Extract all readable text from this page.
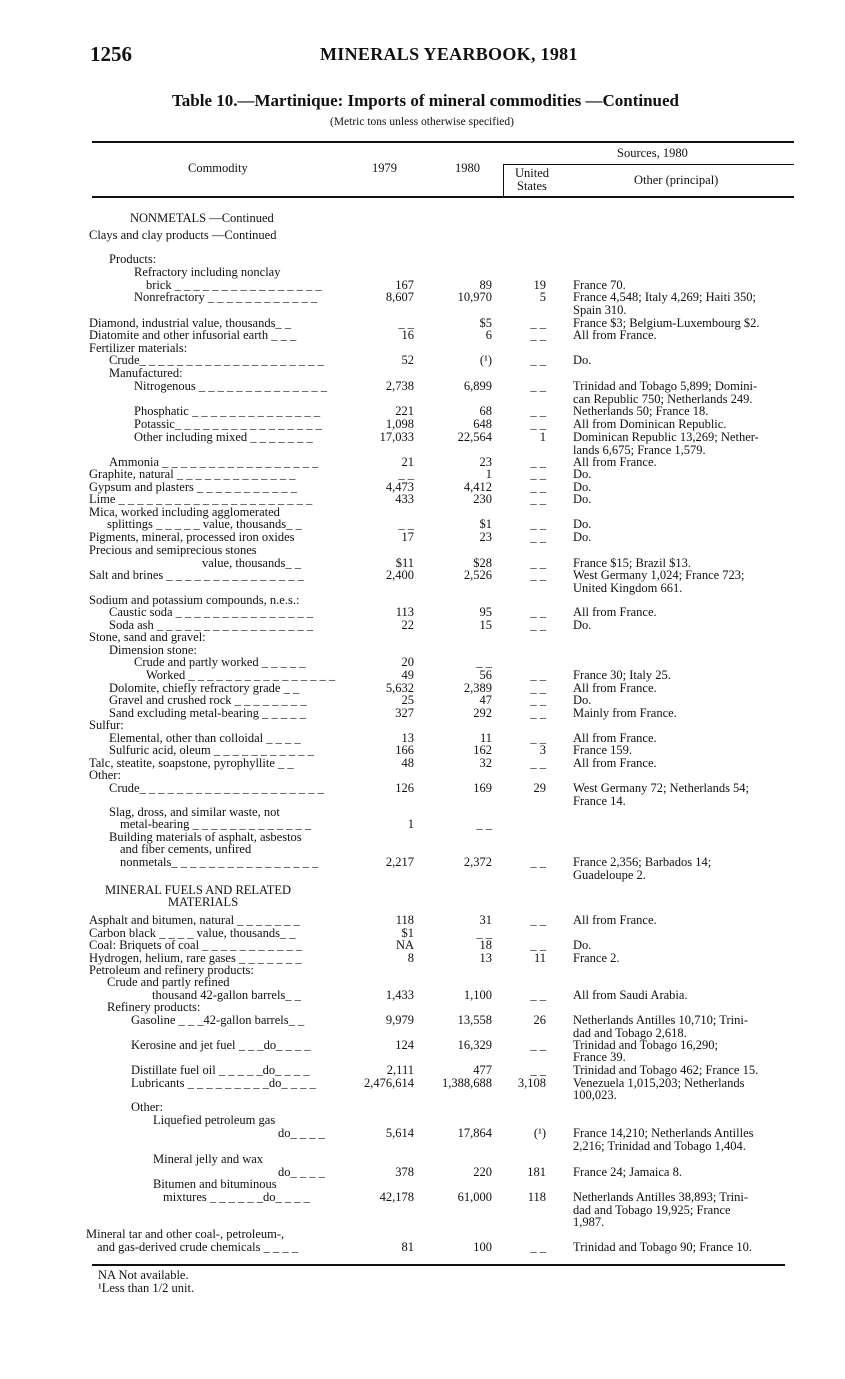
1256	MINERALS YEARBOOK, 1981
Table 10.—Martinique: Imports of mineral commodities —Continued
(Metric tons unless otherwise specified)
Commodity	1979	1980
Sources, 1980
United
States	Other (principal)
NONMETALS —Continued
Clays and clay products —Continued
Products:
Refractory including nonclay
brick _ _ _ _ _ _ _ _ _ _ _ _ _ _ _ _	167	89	19 France 70.
Nonrefractory _ _ _ _ _ _ _ _ _ _ _ _	8,607	10,970	5 France 4,548; Italy 4,269; Haiti 350;
Spain 310.
Diamond, industrial value, thousands_ _	_ _	$5	_ _ France $3; Belgium-Luxembourg $2.
Diatomite and other infusorial earth _ _ _	16	6	_ _ All from France.
Fertilizer materials:
Crude_ _ _ _ _ _ _ _ _ _ _ _ _ _ _ _ _ _ _ _	52	(¹)	_ _ Do.
Manufactured:
Nitrogenous _ _ _ _ _ _ _ _ _ _ _ _ _ _	2,738	6,899	_ _ Trinidad and Tobago 5,899; Domini-
can Republic 750; Netherlands 249.
Phosphatic _ _ _ _ _ _ _ _ _ _ _ _ _ _	221	68	_ _ Netherlands 50; France 18.
Potassic_ _ _ _ _ _ _ _ _ _ _ _ _ _ _ _	1,098	648	_ _ All from Dominican Republic.
Other including mixed _ _ _ _ _ _ _	17,033	22,564	1 Dominican Republic 13,269; Nether-
lands 6,675; France 1,579.
Ammonia _ _ _ _ _ _ _ _ _ _ _ _ _ _ _ _ _	21	23	_ _ All from France.
Graphite, natural _ _ _ _ _ _ _ _ _ _ _ _ _	_ _	1	_ _ Do.
Gypsum and plasters _ _ _ _ _ _ _ _ _ _ _	4,473	4,412	_ _ Do.
Lime _ _ _ _ _ _ _ _ _ _ _ _ _ _ _ _ _ _ _ _ _	433	230	_ _ Do.
Mica, worked including agglomerated
splittings _ _ _ _ _ value, thousands_ _	_ _	$1	_ _ Do.
Pigments, mineral, processed iron oxides	17	23	_ _ Do.
Precious and semiprecious stones
value, thousands_ _	$11	$28	_ _ France $15; Brazil $13.
Salt and brines _ _ _ _ _ _ _ _ _ _ _ _ _ _ _	2,400	2,526	_ _ West Germany 1,024; France 723;
United Kingdom 661.
Sodium and potassium compounds, n.e.s.:
Caustic soda _ _ _ _ _ _ _ _ _ _ _ _ _ _ _	113	95	_ _ All from France.
Soda ash _ _ _ _ _ _ _ _ _ _ _ _ _ _ _ _ _	22	15	_ _ Do.
Stone, sand and gravel:
Dimension stone:
Crude and partly worked _ _ _ _ _	20	_ _
Worked _ _ _ _ _ _ _ _ _ _ _ _ _ _ _ _	49	56	_ _ France 30; Italy 25.
Dolomite, chiefly refractory grade _ _	5,632	2,389	_ _ All from France.
Gravel and crushed rock _ _ _ _ _ _ _ _	25	47	_ _ Do.
Sand excluding metal-bearing _ _ _ _ _	327	292	_ _ Mainly from France.
Sulfur:
Elemental, other than colloidal _ _ _ _	13	11	_ _ All from France.
Sulfuric acid, oleum _ _ _ _ _ _ _ _ _ _ _	166	162	3 France 159.
Talc, steatite, soapstone, pyrophyllite _ _	48	32	_ _ All from France.
Other:
Crude_ _ _ _ _ _ _ _ _ _ _ _ _ _ _ _ _ _ _ _	126	169	29 West Germany 72; Netherlands 54;
France 14.
Slag, dross, and similar waste, not
metal-bearing _ _ _ _ _ _ _ _ _ _ _ _ _	1	_ _
Building materials of asphalt, asbestos
and fiber cements, unfired
nonmetals_ _ _ _ _ _ _ _ _ _ _ _ _ _ _ _	2,217	2,372	_ _ France 2,356; Barbados 14;
Guadeloupe 2.
MINERAL FUELS AND RELATED
MATERIALS
Asphalt and bitumen, natural _ _ _ _ _ _ _	118	31	_ _ All from France.
Carbon black _ _ _ _ value, thousands_ _	$1	_ _
Coal: Briquets of coal _ _ _ _ _ _ _ _ _ _ _	NA	18	_ _ Do.
Hydrogen, helium, rare gases _ _ _ _ _ _ _	8	13	11 France 2.
Petroleum and refinery products:
Crude and partly refined
thousand 42-gallon barrels_ _	1,433	1,100	_ _ All from Saudi Arabia.
Refinery products:
Gasoline _ _ _42-gallon barrels_ _	9,979	13,558	26 Netherlands Antilles 10,710; Trini-
dad and Tobago 2,618.
Kerosine and jet fuel _ _ _do_ _ _ _	124	16,329	_ _ Trinidad and Tobago 16,290;
France 39.
Distillate fuel oil _ _ _ _ _do_ _ _ _	2,111	477	_ _ Trinidad and Tobago 462; France 15.
Lubricants _ _ _ _ _ _ _ _ _do_ _ _ _	2,476,614	1,388,688	3,108 Venezuela 1,015,203; Netherlands
100,023.
Other:
Liquefied petroleum gas
do_ _ _ _	5,614	17,864	(¹) France 14,210; Netherlands Antilles
2,216; Trinidad and Tobago 1,404.
Mineral jelly and wax
do_ _ _ _	378	220	181 France 24; Jamaica 8.
Bitumen and bituminous
mixtures _ _ _ _ _ _do_ _ _ _	42,178	61,000	118 Netherlands Antilles 38,893; Trini-
dad and Tobago 19,925; France
1,987.
Mineral tar and other coal-, petroleum-,
and gas-derived crude chemicals _ _ _ _	81	100	_ _ Trinidad and Tobago 90; France 10.
NA Not available.
¹Less than 1/2 unit.
